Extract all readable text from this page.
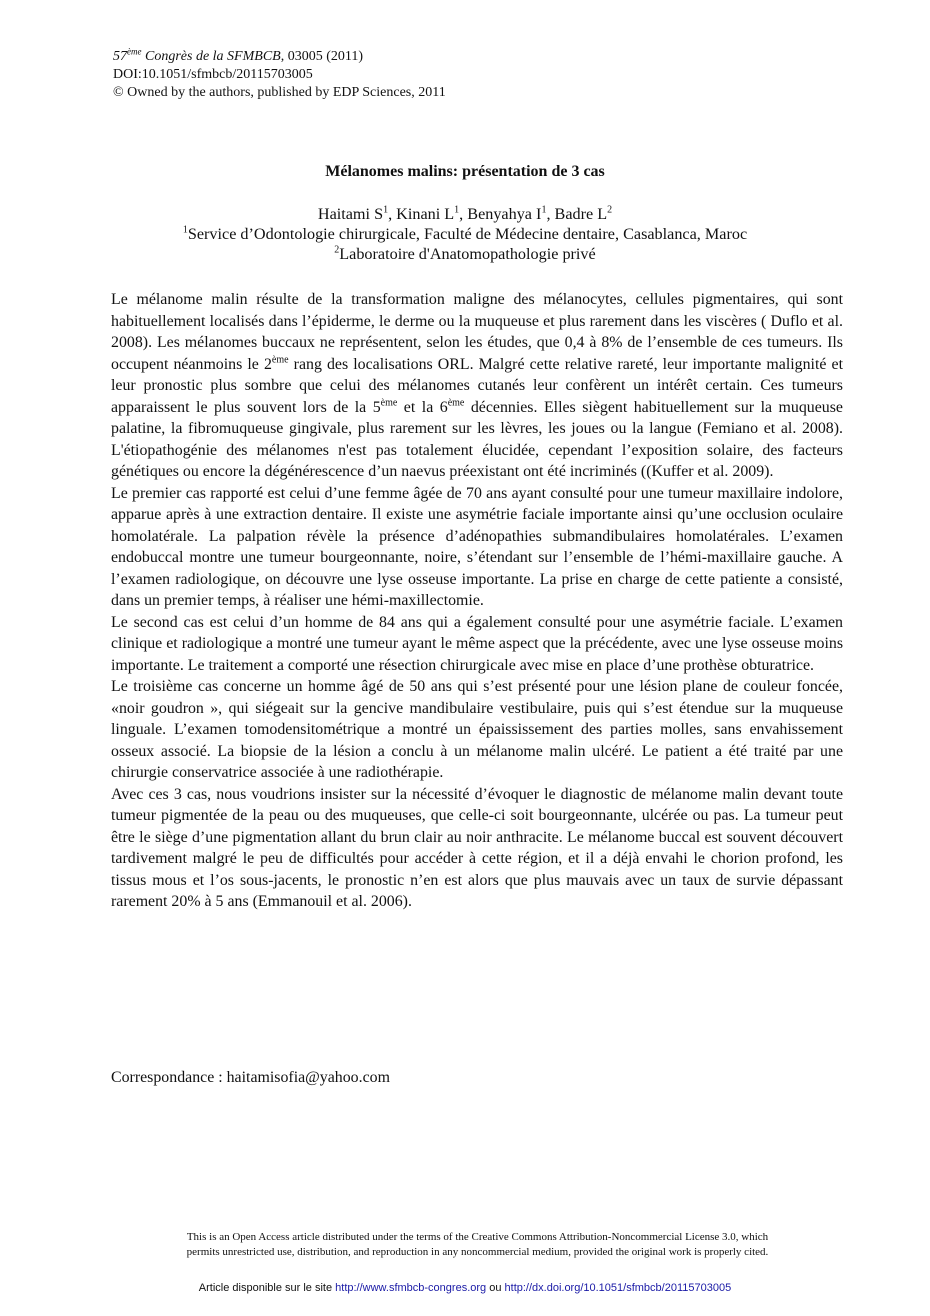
57ème Congrès de la SFMBCB, 03005 (2011)
DOI:10.1051/sfmbcb/20115703005
© Owned by the authors, published by EDP Sciences, 2011
Mélanomes malins: présentation de 3 cas
Haitami $S^1$, Kinani $L^1$, Benyahya $I^1$, Badre $L^2$
$^1$Service d’Odontologie chirurgicale, Faculté de Médecine dentaire, Casablanca, Maroc
$^2$Laboratoire d'Anatomopathologie privé

Le mélanome malin résulte de la transformation maligne des mélanocytes, cellules pigmentaires, qui sont habituellement localisés dans l’épiderme, le derme ou la muqueuse et plus rarement dans les viscères ( Duflo et al. 2008). Les mélanomes buccaux ne représentent, selon les études, que 0,4 à 8% de l’ensemble de ces tumeurs. Ils occupent néanmoins le 2ème rang des localisations ORL. Malgré cette relative rareté, leur importante malignité et leur pronostic plus sombre que celui des mélanomes cutanés leur confèrent un intérêt certain. Ces tumeurs apparaissent le plus souvent lors de la 5ème et la 6ème décennies. Elles siègent habituellement sur la muqueuse palatine, la fibromuqueuse gingivale, plus rarement sur les lèvres, les joues ou la langue (Femiano et al. 2008). L'étiopathogénie des mélanomes n'est pas totalement élucidée, cependant l’exposition solaire, des facteurs génétiques ou encore la dégénérescence d’un naevus préexistant ont été incriminés ((Kuffer et al. 2009).

Le premier cas rapporté est celui d’une femme âgée de 70 ans ayant consulté pour une tumeur maxillaire indolore, apparue après à une extraction dentaire. Il existe une asymétrie faciale importante ainsi qu’une occlusion oculaire homolatérale. La palpation révèle la présence d’adénopathies submandibulaires homolatérales. L’examen endobuccal montre une tumeur bourgeonnante, noire, s’étendant sur l’ensemble de l’hémi-maxillaire gauche. A l’examen radiologique, on découvre une lyse osseuse importante. La prise en charge de cette patiente a consisté, dans un premier temps, à réaliser une hémi-maxillectomie.

Le second cas est celui d’un homme de 84 ans qui a également consulté pour une asymétrie faciale. L’examen clinique et radiologique a montré une tumeur ayant le même aspect que la précédente, avec une lyse osseuse moins importante. Le traitement a comporté une résection chirurgicale avec mise en place d’une prothèse obturatrice.

Le troisième cas concerne un homme âgé de 50 ans qui s’est présenté pour une lésion plane de couleur foncée, «noir goudron », qui siégeait sur la gencive mandibulaire vestibulaire, puis qui s’est étendue sur la muqueuse linguale. L’examen tomodensitométrique a montré un épaississement des parties molles, sans envahissement osseux associé. La biopsie de la lésion a conclu à un mélanome malin ulcéré. Le patient a été traité par une chirurgie conservatrice associée à une radiothérapie.

Avec ces 3 cas, nous voudrions insister sur la nécessité d’évoquer le diagnostic de mélanome malin devant toute tumeur pigmentée de la peau ou des muqueuses, que celle-ci soit bourgeonnante, ulcérée ou pas. La tumeur peut être le siège d’une pigmentation allant du brun clair au noir anthracite. Le mélanome buccal est souvent découvert tardivement malgré le peu de difficultés pour accéder à cette région, et il a déjà envahi le chorion profond, les tissus mous et l’os sous-jacents, le pronostic n’en est alors que plus mauvais avec un taux de survie dépassant rarement 20% à 5 ans (Emmanouil et al. 2006).

Correspondance : haitamisofia@yahoo.com
This is an Open Access article distributed under the terms of the Creative Commons Attribution-Noncommercial License 3.0, which
permits unrestricted use, distribution, and reproduction in any noncommercial medium, provided the original work is properly cited.
Article disponible sur le site http://www.sfmbcb-congres.org ou http://dx.doi.org/10.1051/sfmbcb/20115703005
